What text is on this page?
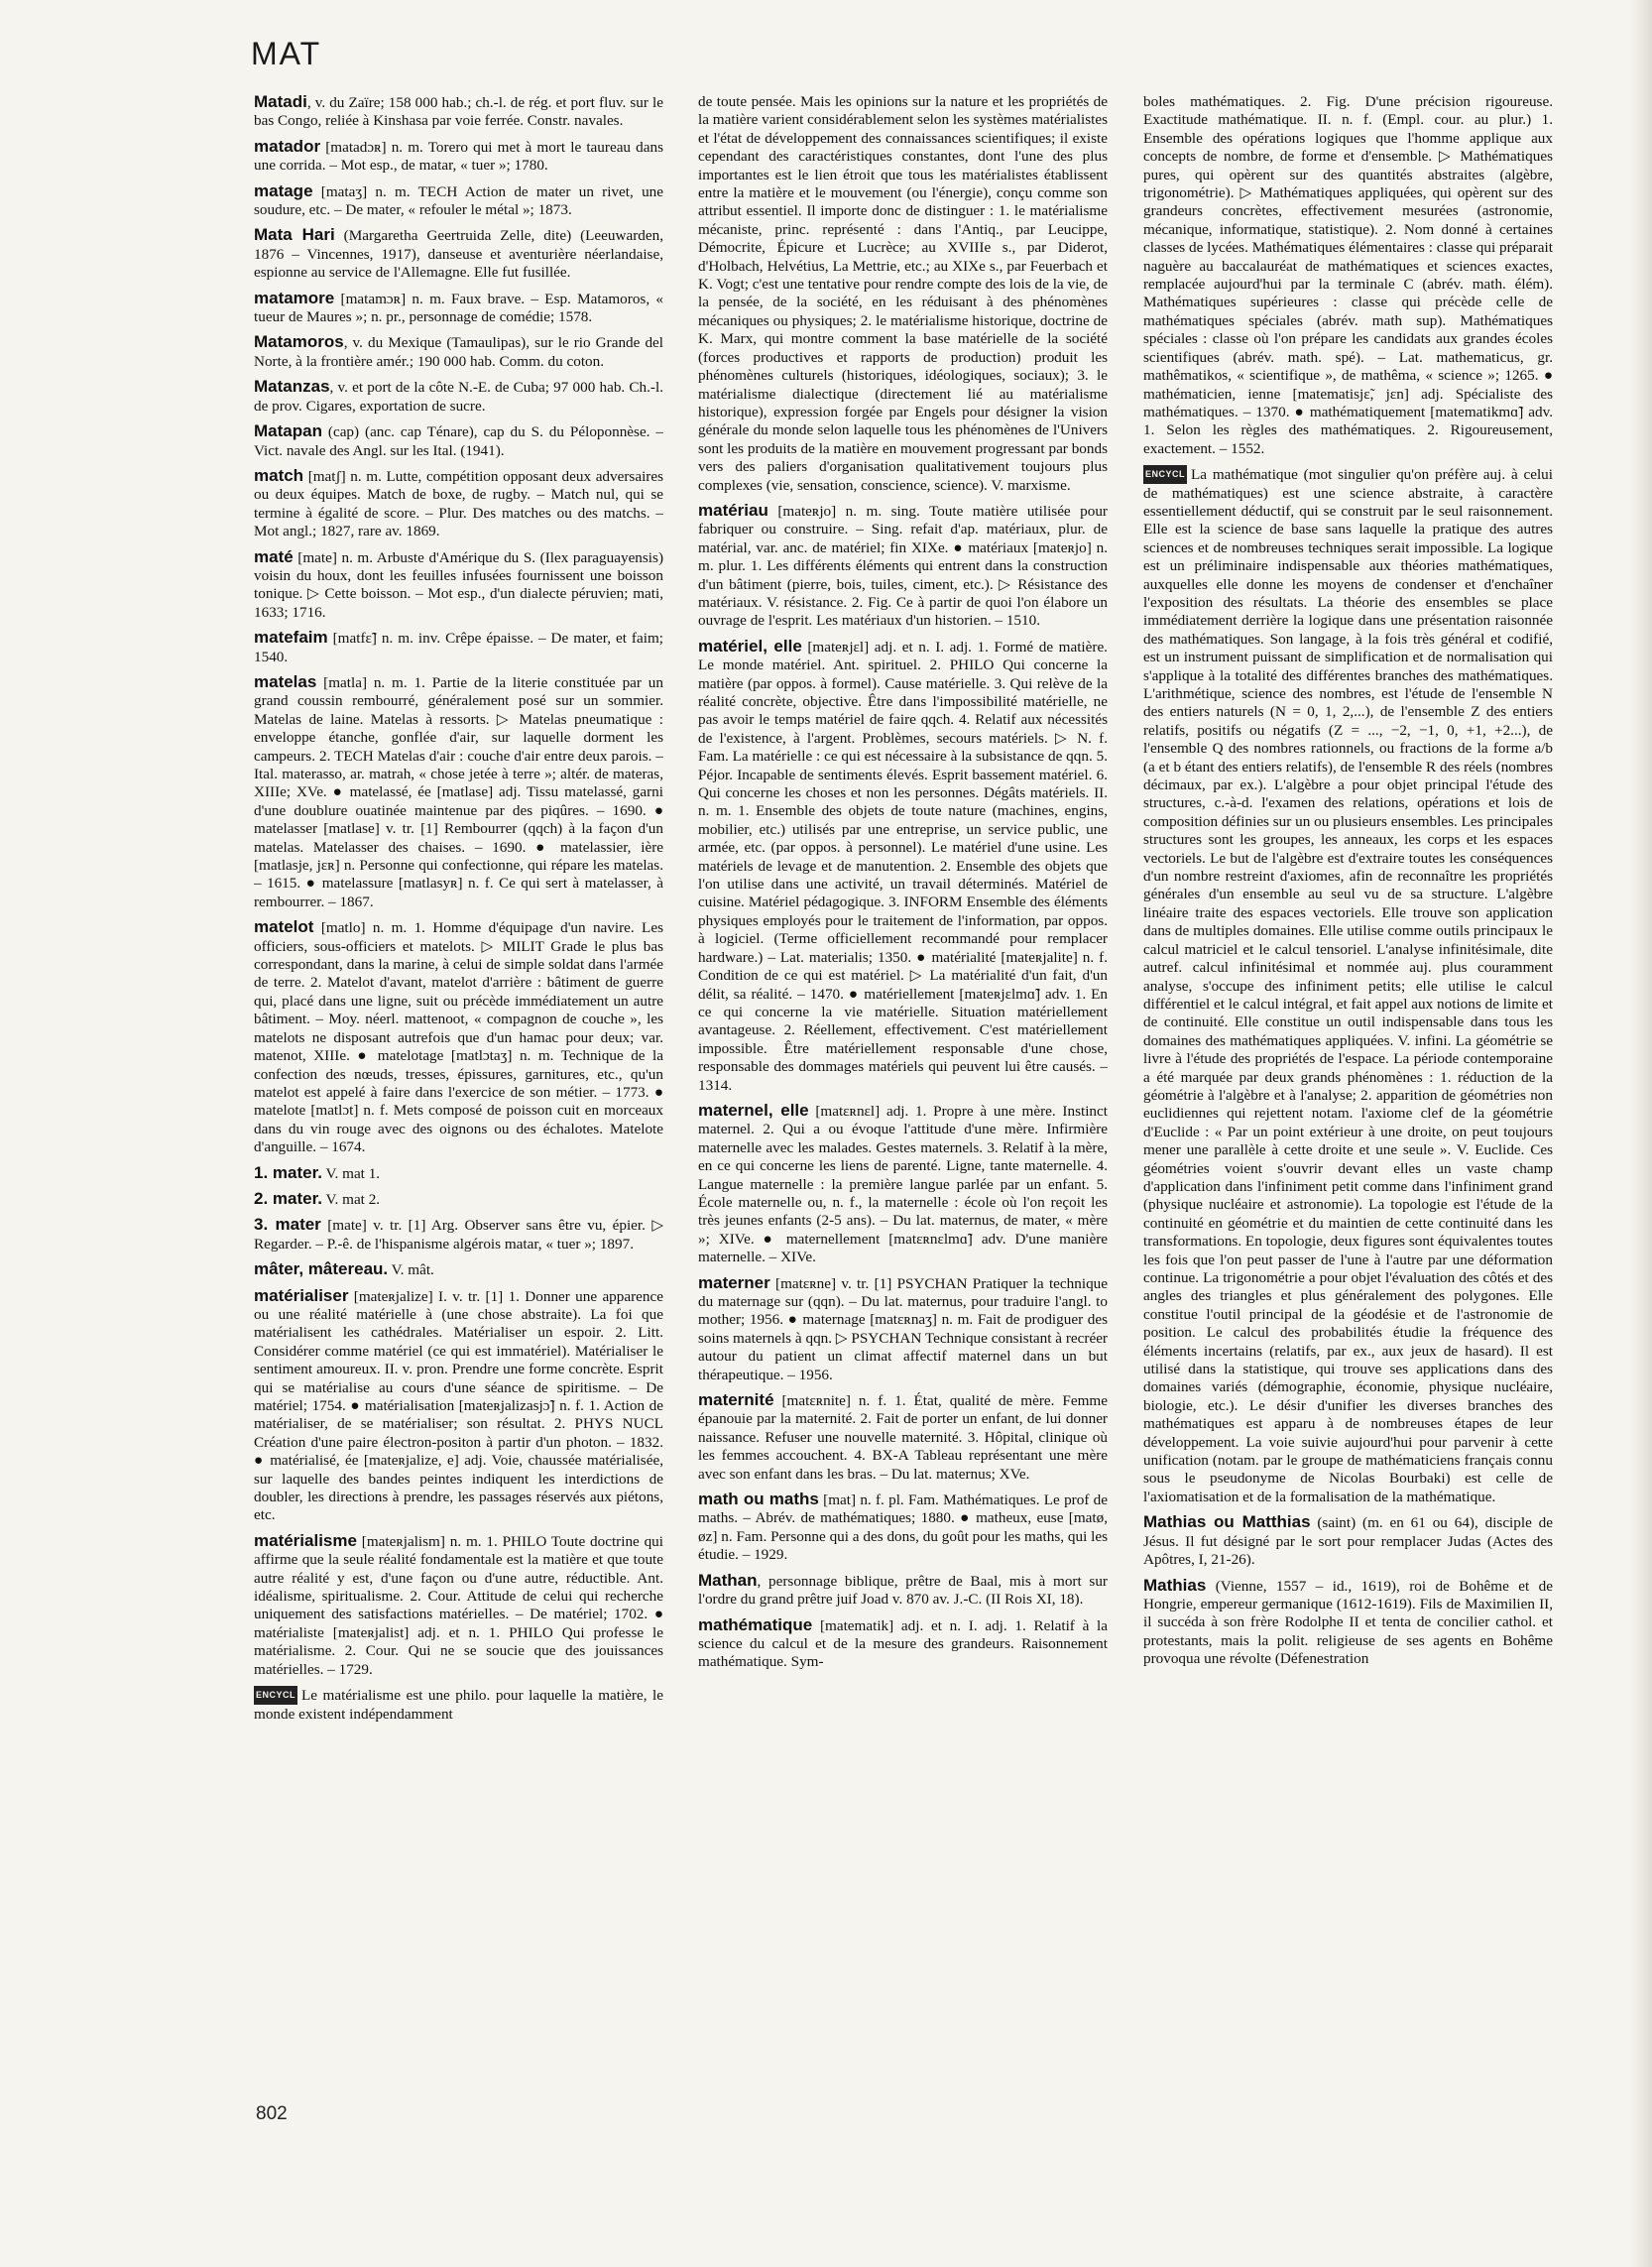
MAT

Matadi, v. du Zaïre; 158 000 hab.; ch.-l. de rég. et port fluv. sur le bas Congo, reliée à Kinshasa par voie ferrée. Constr. navales.

matador [matadɔʀ] n. m. Torero qui met à mort le taureau dans une corrida. – Mot esp., de matar, « tuer »; 1780.

matage [mataʒ] n. m. TECH Action de mater un rivet, une soudure, etc. – De mater, « refouler le métal »; 1873.

Mata Hari (Margaretha Geertruida Zelle, dite) (Leeuwarden, 1876 – Vincennes, 1917), danseuse et aventurière néerlandaise, espionne au service de l'Allemagne. Elle fut fusillée.

matamore [matamɔʀ] n. m. Faux brave. – Esp. Matamoros, « tueur de Maures »; n. pr., personnage de comédie; 1578.

Matamoros, v. du Mexique (Tamaulipas), sur le rio Grande del Norte, à la frontière amér.; 190 000 hab. Comm. du coton.

Matanzas, v. et port de la côte N.-E. de Cuba; 97 000 hab. Ch.-l. de prov. Cigares, exportation de sucre.

Matapan (cap) (anc. cap Ténare), cap du S. du Péloponnèse. – Vict. navale des Angl. sur les Ital. (1941).

match [matʃ] n. m. Lutte, compétition opposant deux adversaires ou deux équipes. Match de boxe, de rugby. – Match nul, qui se termine à égalité de score. – Plur. Des matches ou des matchs. – Mot angl.; 1827, rare av. 1869.

maté [mate] n. m. Arbuste d'Amérique du S. (Ilex paraguayensis) voisin du houx, dont les feuilles infusées fournissent une boisson tonique. ▷ Cette boisson. – Mot esp., d'un dialecte péruvien; mati, 1633; 1716.

matefaim [matfɛ̃] n. m. inv. Crêpe épaisse. – De mater, et faim; 1540.

matelas [matla] n. m. 1. Partie de la literie constituée par un grand coussin rembourré, généralement posé sur un sommier. Matelas de laine. Matelas à ressorts. ▷ Matelas pneumatique : enveloppe étanche, gonflée d'air, sur laquelle dorment les campeurs. 2. TECH Matelas d'air : couche d'air entre deux parois. – Ital. materasso, ar. matrah, « chose jetée à terre »; altér. de materas, XIIIe; XVe. ● matelassé, ée [matlase] adj. Tissu matelassé, garni d'une doublure ouatinée maintenue par des piqûres. – 1690. ● matelasser [matlase] v. tr. [1] Rembourrer (qqch) à la façon d'un matelas. Matelasser des chaises. – 1690. ● matelassier, ière [matlasje, jɛʀ] n. Personne qui confectionne, qui répare les matelas. – 1615. ● matelassure [matlasyʀ] n. f. Ce qui sert à matelasser, à rembourrer. – 1867.

matelot [matlo] n. m. 1. Homme d'équipage d'un navire. Les officiers, sous-officiers et matelots. ▷ MILIT Grade le plus bas correspondant, dans la marine, à celui de simple soldat dans l'armée de terre. 2. Matelot d'avant, matelot d'arrière : bâtiment de guerre qui, placé dans une ligne, suit ou précède immédiatement un autre bâtiment. – Moy. néerl. mattenoot, « compagnon de couche », les matelots ne disposant autrefois que d'un hamac pour deux; var. matenot, XIIIe. ● matelotage [matlɔtaʒ] n. m. Technique de la confection des nœuds, tresses, épissures, garnitures, etc., qu'un matelot est appelé à faire dans l'exercice de son métier. – 1773. ● matelote [matlɔt] n. f. Mets composé de poisson cuit en morceaux dans du vin rouge avec des oignons ou des échalotes. Matelote d'anguille. – 1674.

1. mater. V. mat 1.

2. mater. V. mat 2.

3. mater [mate] v. tr. [1] Arg. Observer sans être vu, épier. ▷ Regarder. – P.-ê. de l'hispanisme algérois matar, « tuer »; 1897.

mâter, mâtereau. V. mât.

matérialiser [mateʀjalize] I. v. tr. [1] 1. Donner une apparence ou une réalité matérielle à (une chose abstraite). La foi que matérialisent les cathédrales. Matérialiser un espoir. 2. Litt. Considérer comme matériel (ce qui est immatériel). Matérialiser le sentiment amoureux. II. v. pron. Prendre une forme concrète. Esprit qui se matérialise au cours d'une séance de spiritisme. – De matériel; 1754. ● matérialisation [mateʀjalizasjɔ̃] n. f. 1. Action de matérialiser, de se matérialiser; son résultat. 2. PHYS NUCL Création d'une paire électron-positon à partir d'un photon. – 1832. ● matérialisé, ée [mateʀjalize, e] adj. Voie, chaussée matérialisée, sur laquelle des bandes peintes indiquent les interdictions de doubler, les directions à prendre, les passages réservés aux piétons, etc.

matérialisme [mateʀjalism] n. m. 1. PHILO Toute doctrine qui affirme que la seule réalité fondamentale est la matière et que toute autre réalité y est, d'une façon ou d'une autre, réductible. Ant. idéalisme, spiritualisme. 2. Cour. Attitude de celui qui recherche uniquement des satisfactions matérielles. – De matériel; 1702. ● matérialiste [mateʀjalist] adj. et n. 1. PHILO Qui professe le matérialisme. 2. Cour. Qui ne se soucie que des jouissances matérielles. – 1729.

ENCYCL Le matérialisme est une philo. pour laquelle la matière, le monde existent indépendamment

de toute pensée. Mais les opinions sur la nature et les propriétés de la matière varient considérablement selon les systèmes matérialistes et l'état de développement des connaissances scientifiques; il existe cependant des caractéristiques constantes, dont l'une des plus importantes est le lien étroit que tous les matérialistes établissent entre la matière et le mouvement (ou l'énergie), conçu comme son attribut essentiel. Il importe donc de distinguer : 1. le matérialisme mécaniste, princ. représenté : dans l'Antiq., par Leucippe, Démocrite, Épicure et Lucrèce; au XVIIIe s., par Diderot, d'Holbach, Helvétius, La Mettrie, etc.; au XIXe s., par Feuerbach et K. Vogt; c'est une tentative pour rendre compte des lois de la vie, de la pensée, de la société, en les réduisant à des phénomènes mécaniques ou physiques; 2. le matérialisme historique, doctrine de K. Marx, qui montre comment la base matérielle de la société (forces productives et rapports de production) produit les phénomènes culturels (historiques, idéologiques, sociaux); 3. le matérialisme dialectique (directement lié au matérialisme historique), expression forgée par Engels pour désigner la vision générale du monde selon laquelle tous les phénomènes de l'Univers sont les produits de la matière en mouvement progressant par bonds vers des paliers d'organisation qualitativement toujours plus complexes (vie, sensation, conscience, science). V. marxisme.

matériau [mateʀjo] n. m. sing. Toute matière utilisée pour fabriquer ou construire. – Sing. refait d'ap. matériaux, plur. de matérial, var. anc. de matériel; fin XIXe. ● matériaux [mateʀjo] n. m. plur. 1. Les différents éléments qui entrent dans la construction d'un bâtiment (pierre, bois, tuiles, ciment, etc.). ▷ Résistance des matériaux. V. résistance. 2. Fig. Ce à partir de quoi l'on élabore un ouvrage de l'esprit. Les matériaux d'un historien. – 1510.

matériel, elle [mateʀjɛl] adj. et n. I. adj. 1. Formé de matière. Le monde matériel. Ant. spirituel. 2. PHILO Qui concerne la matière (par oppos. à formel). Cause matérielle. 3. Qui relève de la réalité concrète, objective. Être dans l'impossibilité matérielle, ne pas avoir le temps matériel de faire qqch. 4. Relatif aux nécessités de l'existence, à l'argent. Problèmes, secours matériels. ▷ N. f. Fam. La matérielle : ce qui est nécessaire à la subsistance de qqn. 5. Péjor. Incapable de sentiments élevés. Esprit bassement matériel. 6. Qui concerne les choses et non les personnes. Dégâts matériels. II. n. m. 1. Ensemble des objets de toute nature (machines, engins, mobilier, etc.) utilisés par une entreprise, un service public, une armée, etc. (par oppos. à personnel). Le matériel d'une usine. Les matériels de levage et de manutention. 2. Ensemble des objets que l'on utilise dans une activité, un travail déterminés. Matériel de cuisine. Matériel pédagogique. 3. INFORM Ensemble des éléments physiques employés pour le traitement de l'information, par oppos. à logiciel. (Terme officiellement recommandé pour remplacer hardware.) – Lat. materialis; 1350. ● matérialité [mateʀjalite] n. f. Condition de ce qui est matériel. ▷ La matérialité d'un fait, d'un délit, sa réalité. – 1470. ● matériellement [mateʀjɛlmɑ̃] adv. 1. En ce qui concerne la vie matérielle. Situation matériellement avantageuse. 2. Réellement, effectivement. C'est matériellement impossible. Être matériellement responsable d'une chose, responsable des dommages matériels qui peuvent lui être causés. – 1314.

maternel, elle [matɛʀnɛl] adj. 1. Propre à une mère. Instinct maternel. 2. Qui a ou évoque l'attitude d'une mère. Infirmière maternelle avec les malades. Gestes maternels. 3. Relatif à la mère, en ce qui concerne les liens de parenté. Ligne, tante maternelle. 4. Langue maternelle : la première langue parlée par un enfant. 5. École maternelle ou, n. f., la maternelle : école où l'on reçoit les très jeunes enfants (2-5 ans). – Du lat. maternus, de mater, « mère »; XIVe. ● maternellement [matɛʀnɛlmɑ̃] adv. D'une manière maternelle. – XIVe.

materner [matɛʀne] v. tr. [1] PSYCHAN Pratiquer la technique du maternage sur (qqn). – Du lat. maternus, pour traduire l'angl. to mother; 1956. ● maternage [matɛʀnaʒ] n. m. Fait de prodiguer des soins maternels à qqn. ▷ PSYCHAN Technique consistant à recréer autour du patient un climat affectif maternel dans un but thérapeutique. – 1956.

maternité [matɛʀnite] n. f. 1. État, qualité de mère. Femme épanouie par la maternité. 2. Fait de porter un enfant, de lui donner naissance. Refuser une nouvelle maternité. 3. Hôpital, clinique où les femmes accouchent. 4. BX-A Tableau représentant une mère avec son enfant dans les bras. – Du lat. maternus; XVe.

math ou maths [mat] n. f. pl. Fam. Mathématiques. Le prof de maths. – Abrév. de mathématiques; 1880. ● matheux, euse [matø, øz] n. Fam. Personne qui a des dons, du goût pour les maths, qui les étudie. – 1929.

Mathan, personnage biblique, prêtre de Baal, mis à mort sur l'ordre du grand prêtre juif Joad v. 870 av. J.-C. (II Rois XI, 18).

mathématique [matematik] adj. et n. I. adj. 1. Relatif à la science du calcul et de la mesure des grandeurs. Raisonnement mathématique. Sym-

boles mathématiques. 2. Fig. D'une précision rigoureuse. Exactitude mathématique. II. n. f. (Empl. cour. au plur.) 1. Ensemble des opérations logiques que l'homme applique aux concepts de nombre, de forme et d'ensemble. ▷ Mathématiques pures, qui opèrent sur des quantités abstraites (algèbre, trigonométrie). ▷ Mathématiques appliquées, qui opèrent sur des grandeurs concrètes, effectivement mesurées (astronomie, mécanique, informatique, statistique). 2. Nom donné à certaines classes de lycées. Mathématiques élémentaires : classe qui préparait naguère au baccalauréat de mathématiques et sciences exactes, remplacée aujourd'hui par la terminale C (abrév. math. élém). Mathématiques supérieures : classe qui précède celle de mathématiques spéciales (abrév. math sup). Mathématiques spéciales : classe où l'on prépare les candidats aux grandes écoles scientifiques (abrév. math. spé). – Lat. mathematicus, gr. mathêmatikos, « scientifique », de mathêma, « science »; 1265. ● mathématicien, ienne [matematisjɛ̃, jɛn] adj. Spécialiste des mathématiques. – 1370. ● mathématiquement [matematikmɑ̃] adv. 1. Selon les règles des mathématiques. 2. Rigoureusement, exactement. – 1552.

ENCYCL La mathématique (mot singulier qu'on préfère auj. à celui de mathématiques) est une science abstraite, à caractère essentiellement déductif, qui se construit par le seul raisonnement. Elle est la science de base sans laquelle la pratique des autres sciences et de nombreuses techniques serait impossible. La logique est un préliminaire indispensable aux théories mathématiques, auxquelles elle donne les moyens de condenser et d'enchaîner l'exposition des résultats. La théorie des ensembles se place immédiatement derrière la logique dans une présentation raisonnée des mathématiques. Son langage, à la fois très général et codifié, est un instrument puissant de simplification et de normalisation qui s'applique à la totalité des différentes branches des mathématiques. L'arithmétique, science des nombres, est l'étude de l'ensemble N des entiers naturels (N = 0, 1, 2,...), de l'ensemble Z des entiers relatifs, positifs ou négatifs (Z = ..., −2, −1, 0, +1, +2...), de l'ensemble Q des nombres rationnels, ou fractions de la forme a/b (a et b étant des entiers relatifs), de l'ensemble R des réels (nombres décimaux, par ex.). L'algèbre a pour objet principal l'étude des structures, c.-à-d. l'examen des relations, opérations et lois de composition définies sur un ou plusieurs ensembles. Les principales structures sont les groupes, les anneaux, les corps et les espaces vectoriels. Le but de l'algèbre est d'extraire toutes les conséquences d'un nombre restreint d'axiomes, afin de reconnaître les propriétés générales d'un ensemble au seul vu de sa structure. L'algèbre linéaire traite des espaces vectoriels. Elle trouve son application dans de multiples domaines. Elle utilise comme outils principaux le calcul matriciel et le calcul tensoriel. L'analyse infinitésimale, dite autref. calcul infinitésimal et nommée auj. plus couramment analyse, s'occupe des infiniment petits; elle utilise le calcul différentiel et le calcul intégral, et fait appel aux notions de limite et de continuité. Elle constitue un outil indispensable dans tous les domaines des mathématiques appliquées. V. infini. La géométrie se livre à l'étude des propriétés de l'espace. La période contemporaine a été marquée par deux grands phénomènes : 1. réduction de la géométrie à l'algèbre et à l'analyse; 2. apparition de géométries non euclidiennes qui rejettent notam. l'axiome clef de la géométrie d'Euclide : « Par un point extérieur à une droite, on peut toujours mener une parallèle à cette droite et une seule ». V. Euclide. Ces géométries voient s'ouvrir devant elles un vaste champ d'application dans l'infiniment petit comme dans l'infiniment grand (physique nucléaire et astronomie). La topologie est l'étude de la continuité en géométrie et du maintien de cette continuité dans les transformations. En topologie, deux figures sont équivalentes toutes les fois que l'on peut passer de l'une à l'autre par une déformation continue. La trigonométrie a pour objet l'évaluation des côtés et des angles des triangles et plus généralement des polygones. Elle constitue l'outil principal de la géodésie et de l'astronomie de position. Le calcul des probabilités étudie la fréquence des éléments incertains (relatifs, par ex., aux jeux de hasard). Il est utilisé dans la statistique, qui trouve ses applications dans des domaines variés (démographie, économie, physique nucléaire, biologie, etc.). Le désir d'unifier les diverses branches des mathématiques est apparu à de nombreuses étapes de leur développement. La voie suivie aujourd'hui pour parvenir à cette unification (notam. par le groupe de mathématiciens français connu sous le pseudonyme de Nicolas Bourbaki) est celle de l'axiomatisation et de la formalisation de la mathématique.

Mathias ou Matthias (saint) (m. en 61 ou 64), disciple de Jésus. Il fut désigné par le sort pour remplacer Judas (Actes des Apôtres, I, 21-26).

Mathias (Vienne, 1557 – id., 1619), roi de Bohême et de Hongrie, empereur germanique (1612-1619). Fils de Maximilien II, il succéda à son frère Rodolphe II et tenta de concilier cathol. et protestants, mais la polit. religieuse de ses agents en Bohême provoqua une révolte (Défenestration

802
